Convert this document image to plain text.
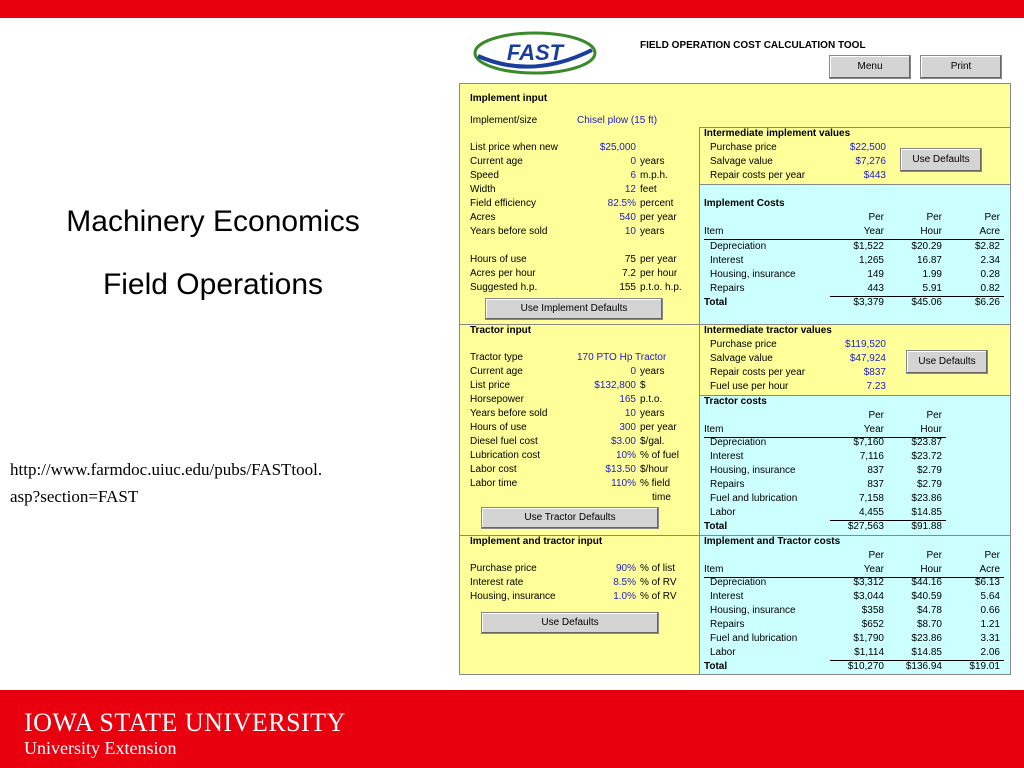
Machinery Economics
Field Operations
http://www.farmdoc.uiuc.edu/pubs/FASTtool.
asp?section=FAST
FAST	FIELD OPERATION COST CALCULATION TOOL
Menu	Print
Implement input
Implement/size	Chisel plow (15 ft)
List price when new	$25,000
Current age	0 years
Speed	6 m.p.h.
Width	12 feet
Field efficiency	82.5% percent
Acres	540 per year
Years before sold	10 years
Hours of use	75 per year
Acres per hour	7.2 per hour
Suggested h.p.	155 p.t.o. h.p.
Use Implement Defaults
Intermediate implement values
Purchase price	$22,500
Salvage value	$7,276
Repair costs per year	$443
Use Defaults
Implement Costs
Per	Per	Per
Item	Year	Hour	Acre
Depreciation	$1,522	$20.29	$2.82
Interest	1,265	16.87	2.34
Housing, insurance	149	1.99	0.28
Repairs	443	5.91	0.82
Total	$3,379	$45.06	$6.26
Tractor input
Tractor type	170 PTO Hp Tractor
Current age	0 years
List price	$132,800 $
Horsepower	165 p.t.o.
Years before sold	10 years
Hours of use	300 per year
Diesel fuel cost	$3.00 $/gal.
Lubrication cost	10% % of fuel
Labor cost	$13.50 $/hour
Labor time	110% % field
time
Use Tractor Defaults
Intermediate tractor values
Purchase price	$119,520
Salvage value	$47,924
Repair costs per year	$837
Fuel use per hour	7.23
Use Defaults
Tractor costs
Per	Per
Item	Year	Hour
Depreciation	$7,160	$23.87
Interest	7,116	$23.72
Housing, insurance	837	$2.79
Repairs	837	$2.79
Fuel and lubrication	7,158	$23.86
Labor	4,455	$14.85
Total	$27,563	$91.88
Implement and tractor input
Purchase price	90% % of list
Interest rate	8.5% % of RV
Housing, insurance	1.0% % of RV
Use Defaults
Implement and Tractor costs
Per	Per	Per
Item	Year	Hour	Acre
Depreciation	$3,312	$44.16	$6.13
Interest	$3,044	$40.59	5.64
Housing, insurance	$358	$4.78	0.66
Repairs	$652	$8.70	1.21
Fuel and lubrication	$1,790	$23.86	3.31
Labor	$1,114	$14.85	2.06
Total	$10,270	$136.94	$19.01
IOWA STATE UNIVERSITY
University Extension
